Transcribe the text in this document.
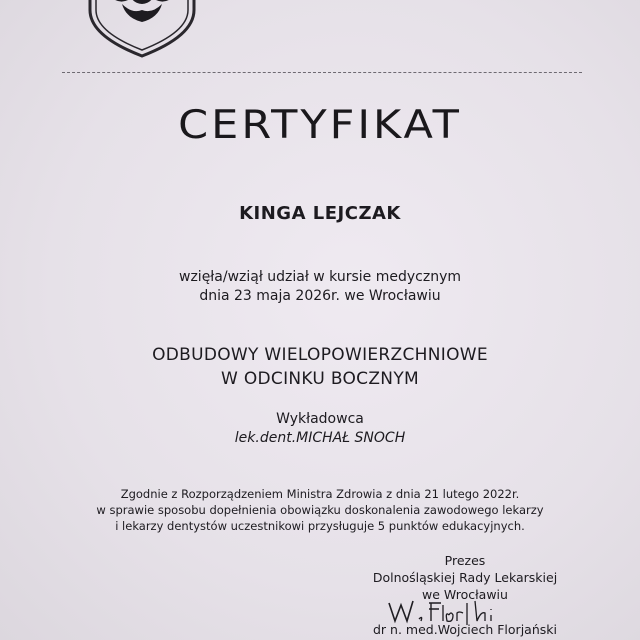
CERTYFIKAT
KINGA LEJCZAK
wzięła/wziął udział w kursie medycznym
dnia 23 maja 2026r. we Wrocławiu
ODBUDOWY WIELOPOWIERZCHNIOWE
W ODCINKU BOCZNYM
Wykładowca
lek.dent.MICHAŁ SNOCH
Zgodnie z Rozporządzeniem Ministra Zdrowia z dnia 21 lutego 2022r.
w sprawie sposobu dopełnienia obowiązku doskonalenia zawodowego lekarzy
i lekarzy dentystów uczestnikowi przysługuje 5 punktów edukacyjnych.
Prezes
Dolnośląskiej Rady Lekarskiej
we Wrocławiu
dr n. med.Wojciech Florjański
